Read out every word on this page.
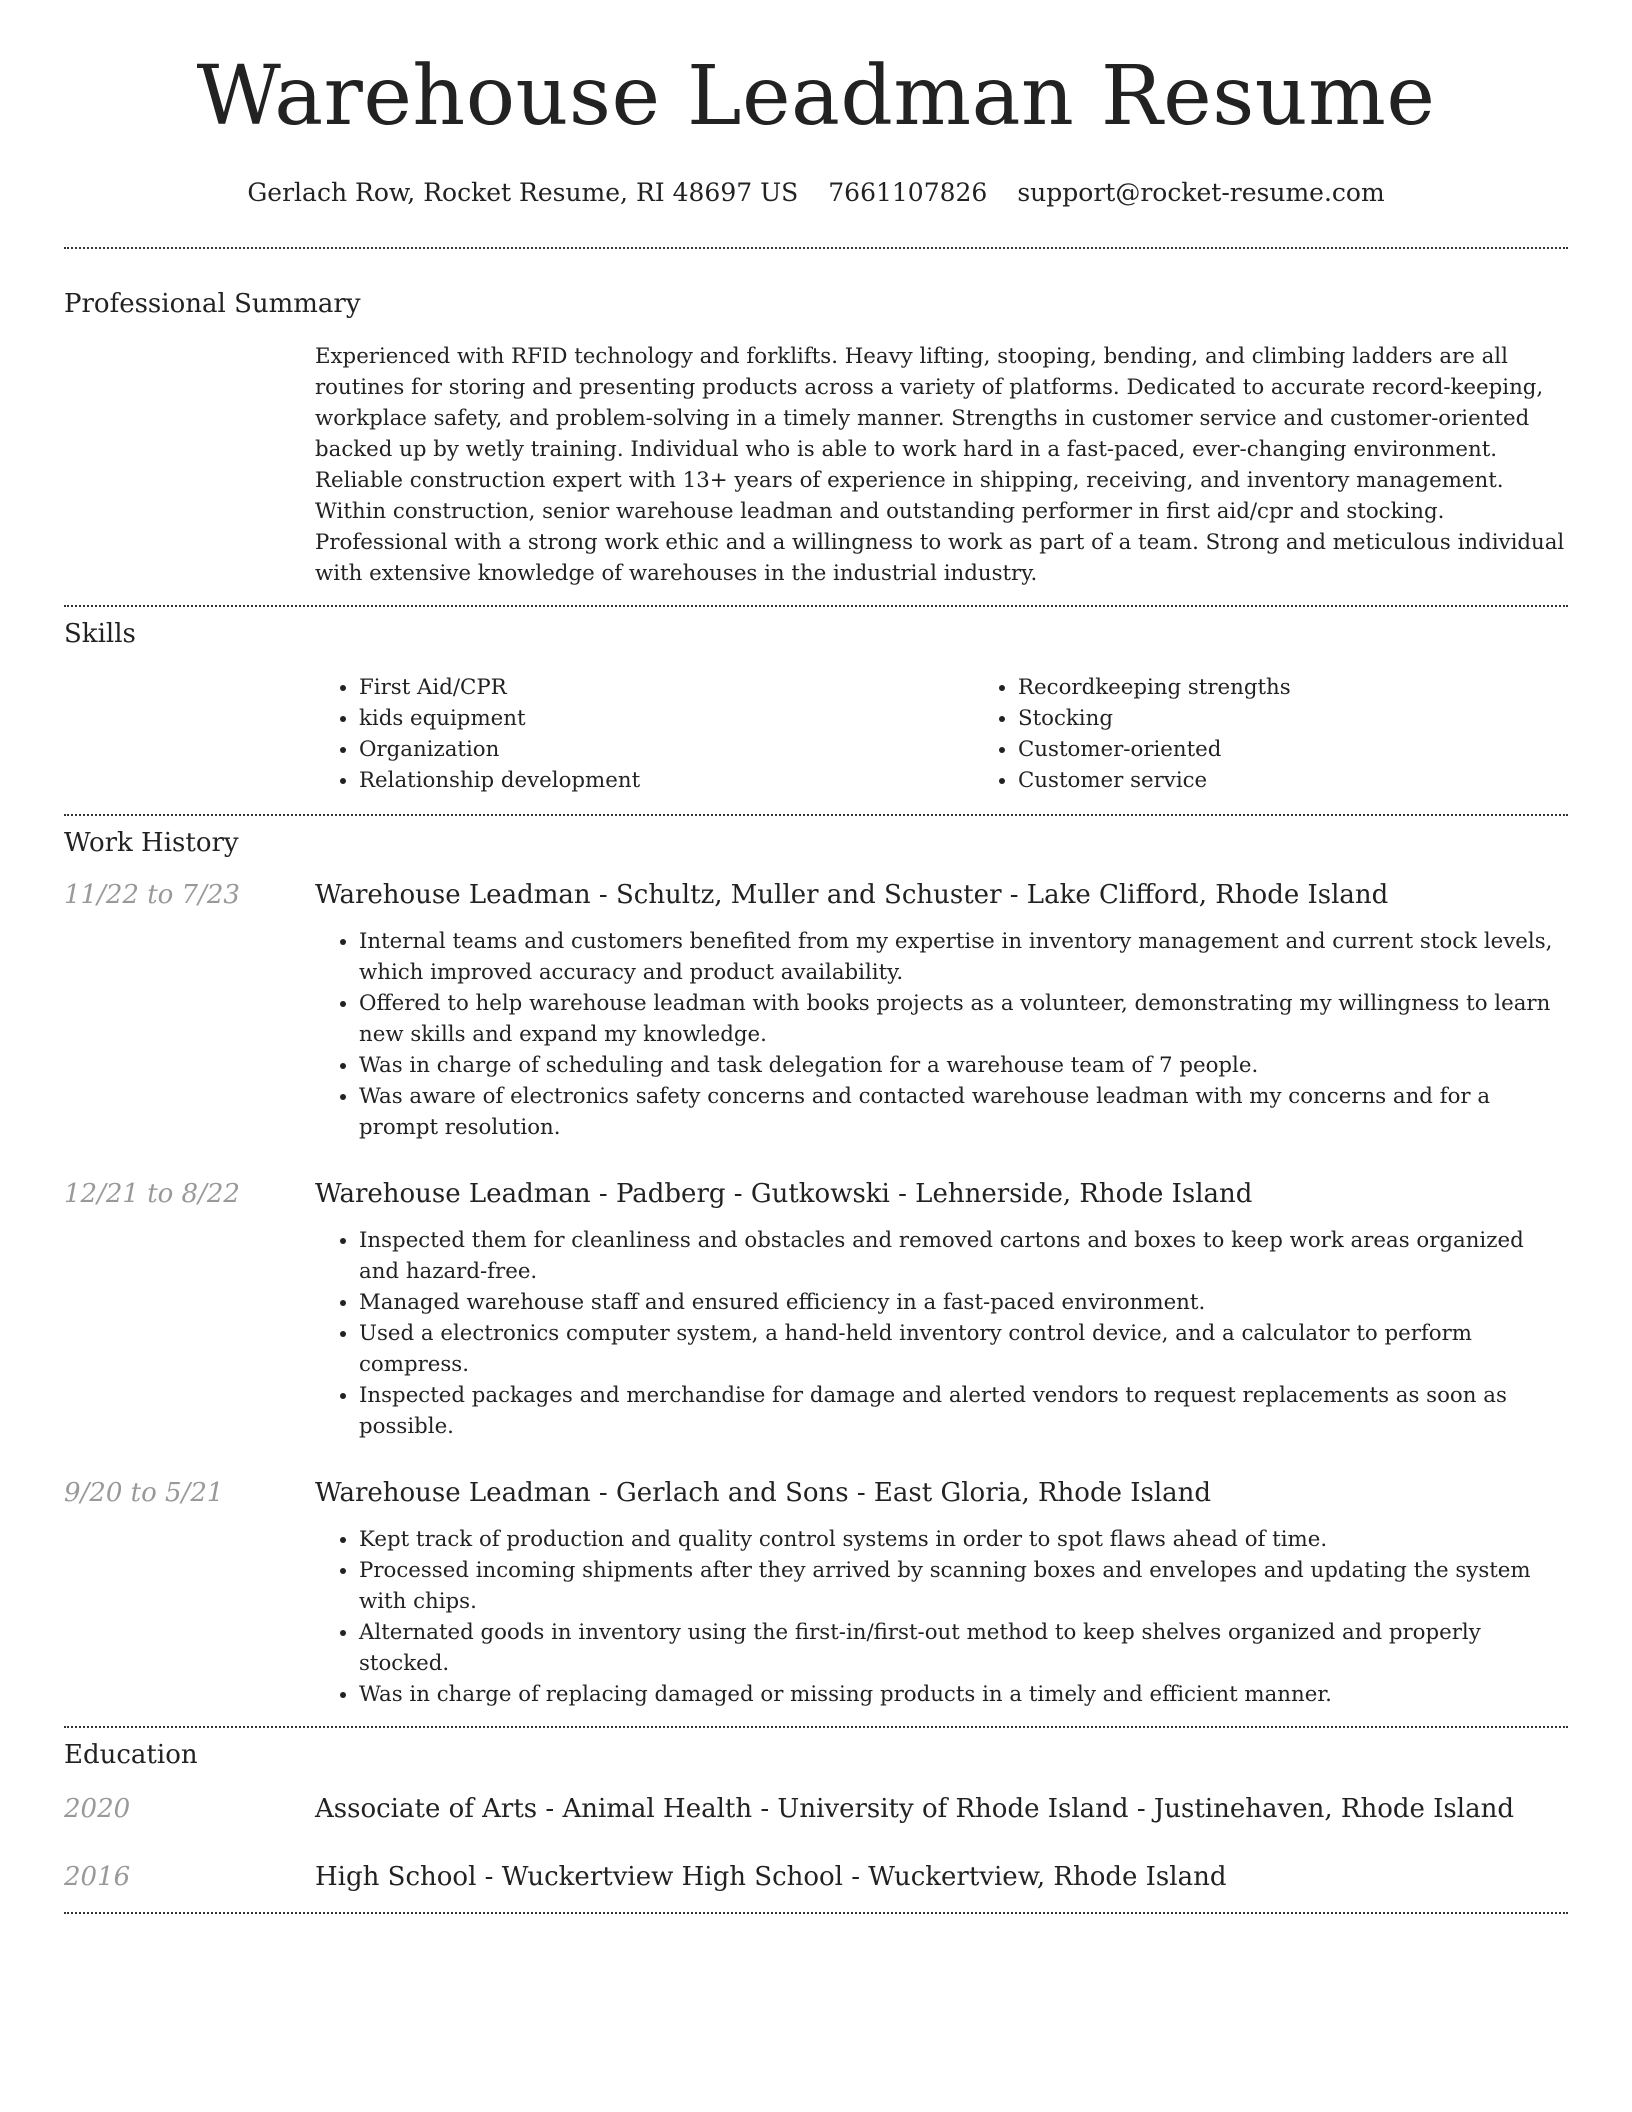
Warehouse Leadman Resume
Gerlach Row, Rocket Resume, RI 48697 US 7661107826 support@rocket-resume.com
Professional Summary

Experienced with RFID technology and forklifts. Heavy lifting, stooping, bending, and climbing ladders are all routines for storing and presenting products across a variety of platforms. Dedicated to accurate record-keeping, workplace safety, and problem-solving in a timely manner. Strengths in customer service and customer-oriented backed up by wetly training. Individual who is able to work hard in a fast-paced, ever-changing environment. Reliable construction expert with 13+ years of experience in shipping, receiving, and inventory management. Within construction, senior warehouse leadman and outstanding performer in first aid/cpr and stocking. Professional with a strong work ethic and a willingness to work as part of a team. Strong and meticulous individual with extensive knowledge of warehouses in the industrial industry.

Skills
• First Aid/CPR
• kids equipment
• Organization
• Relationship development
• Recordkeeping strengths
• Stocking
• Customer-oriented
• Customer service
Work History
11/22 to 7/23	Warehouse Leadman - Schultz, Muller and Schuster - Lake Clifford, Rhode Island
• Internal teams and customers benefited from my expertise in inventory management and current stock levels, which improved accuracy and product availability.
• Offered to help warehouse leadman with books projects as a volunteer, demonstrating my willingness to learn new skills and expand my knowledge.
• Was in charge of scheduling and task delegation for a warehouse team of 7 people.
• Was aware of electronics safety concerns and contacted warehouse leadman with my concerns and for a prompt resolution.
12/21 to 8/22	Warehouse Leadman - Padberg - Gutkowski - Lehnerside, Rhode Island
• Inspected them for cleanliness and obstacles and removed cartons and boxes to keep work areas organized and hazard-free.
• Managed warehouse staff and ensured efficiency in a fast-paced environment.
• Used a electronics computer system, a hand-held inventory control device, and a calculator to perform compress.
• Inspected packages and merchandise for damage and alerted vendors to request replacements as soon as possible.
9/20 to 5/21	Warehouse Leadman - Gerlach and Sons - East Gloria, Rhode Island
• Kept track of production and quality control systems in order to spot flaws ahead of time.
• Processed incoming shipments after they arrived by scanning boxes and envelopes and updating the system with chips.
• Alternated goods in inventory using the first-in/first-out method to keep shelves organized and properly stocked.
• Was in charge of replacing damaged or missing products in a timely and efficient manner.
Education
2020	Associate of Arts - Animal Health - University of Rhode Island - Justinehaven, Rhode Island
2016	High School - Wuckertview High School - Wuckertview, Rhode Island
